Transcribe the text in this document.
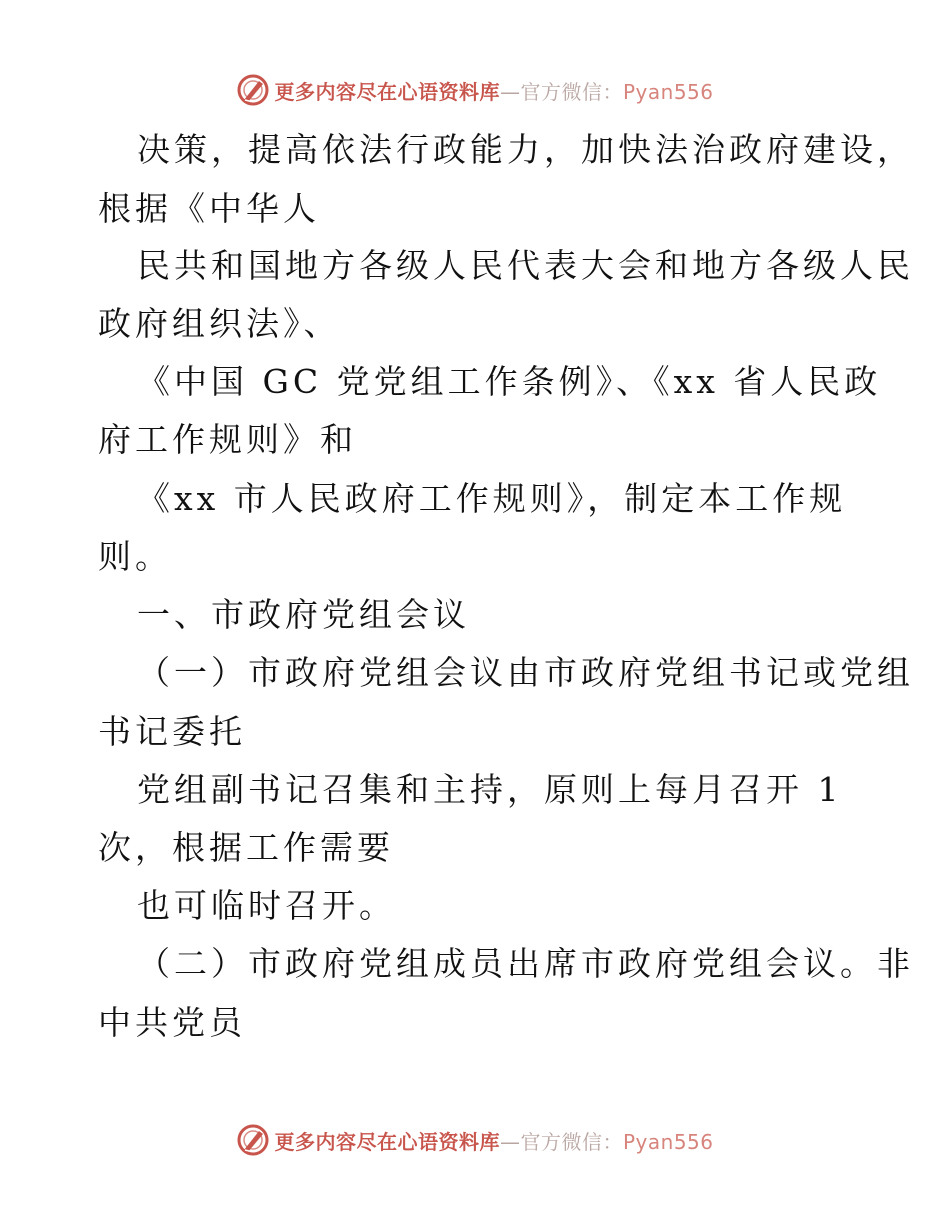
更多内容尽在心语资料库—官方微信：Pyan556
决策，提高依法行政能力，加快法治政府建设，
根据《中华人
民共和国地方各级人民代表大会和地方各级人民
政府组织法》、
《中国 GC 党党组工作条例》、《xx 省人民政
府工作规则》和
《xx 市人民政府工作规则》，制定本工作规
则。
一、市政府党组会议
（一）市政府党组会议由市政府党组书记或党组
书记委托
党组副书记召集和主持，原则上每月召开 1
次，根据工作需要
也可临时召开。
（二）市政府党组成员出席市政府党组会议。非
中共党员
更多内容尽在心语资料库—官方微信：Pyan556
